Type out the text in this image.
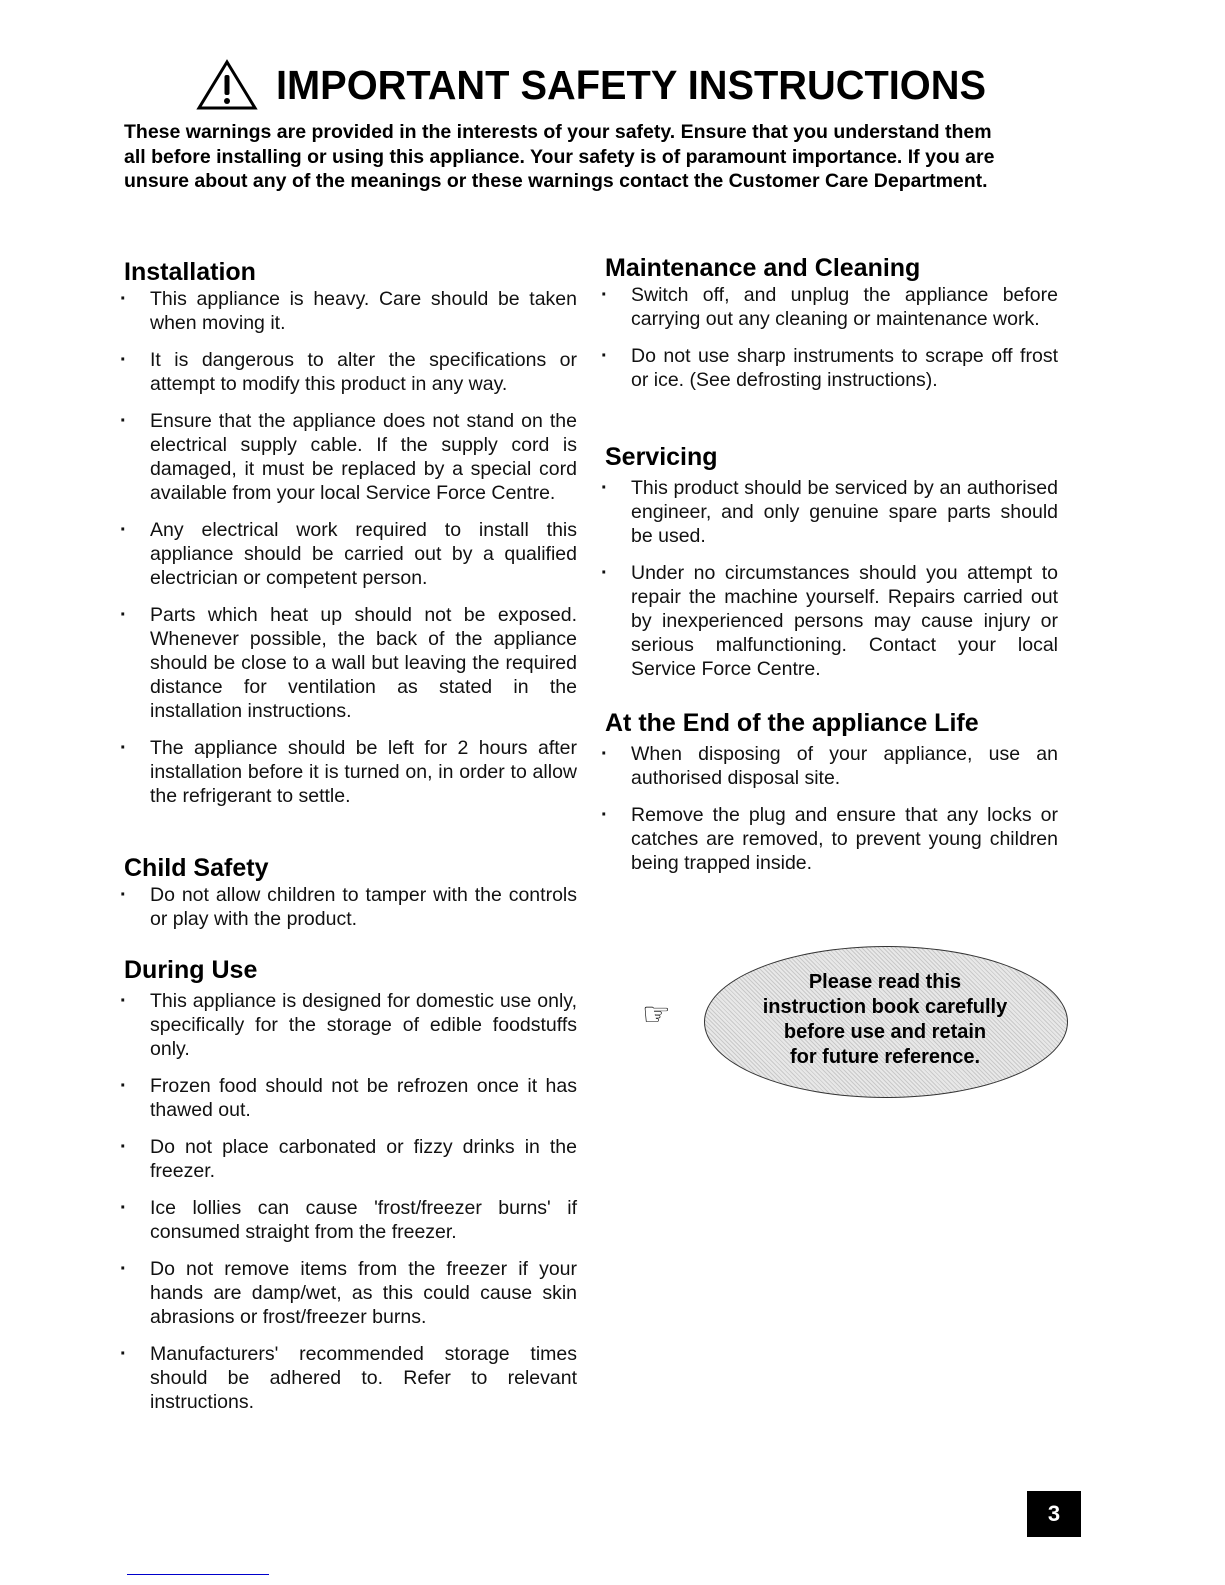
IMPORTANT SAFETY INSTRUCTIONS

These warnings are provided in the interests of your safety. Ensure that you understand them

all before installing or using this appliance. Your safety is of paramount importance. If you are

unsure about any of the meanings or these warnings contact the Customer Care Department.

Installation
· This appliance is heavy. Care should be taken when moving it.
· It is dangerous to alter the specifications or attempt to modify this product in any way.
· Ensure that the appliance does not stand on the electrical supply cable. If the supply cord is damaged, it must be replaced by a special cord available from your local Service Force Centre.
· Any electrical work required to install this appliance should be carried out by a qualified electrician or competent person.
· Parts which heat up should not be exposed. Whenever possible, the back of the appliance should be close to a wall but leaving the required distance for ventilation as stated in the installation instructions.
· The appliance should be left for 2 hours after installation before it is turned on, in order to allow the refrigerant to settle.
Child Safety
· Do not allow children to tamper with the controls or play with the product.
During Use
· This appliance is designed for domestic use only, specifically for the storage of edible foodstuffs only.
· Frozen food should not be refrozen once it has thawed out.
· Do not place carbonated or fizzy drinks in the freezer.
· Ice lollies can cause 'frost/freezer burns' if consumed straight from the freezer.
· Do not remove items from the freezer if your hands are damp/wet, as this could cause skin abrasions or frost/freezer burns.
· Manufacturers' recommended storage times should be adhered to. Refer to relevant instructions.
Maintenance and Cleaning
· Switch off, and unplug the appliance before carrying out any cleaning or maintenance work.
· Do not use sharp instruments to scrape off frost or ice. (See defrosting instructions).
Servicing
· This product should be serviced by an authorised engineer, and only genuine spare parts should be used.
· Under no circumstances should you attempt to repair the machine yourself. Repairs carried out by inexperienced persons may cause injury or serious malfunctioning. Contact your local Service Force Centre.
At the End of the appliance Life
· When disposing of your appliance, use an authorised disposal site.
· Remove the plug and ensure that any locks or catches are removed, to prevent young children being trapped inside.
☞
Please read this
instruction book carefully
before use and retain
for future reference.
3
